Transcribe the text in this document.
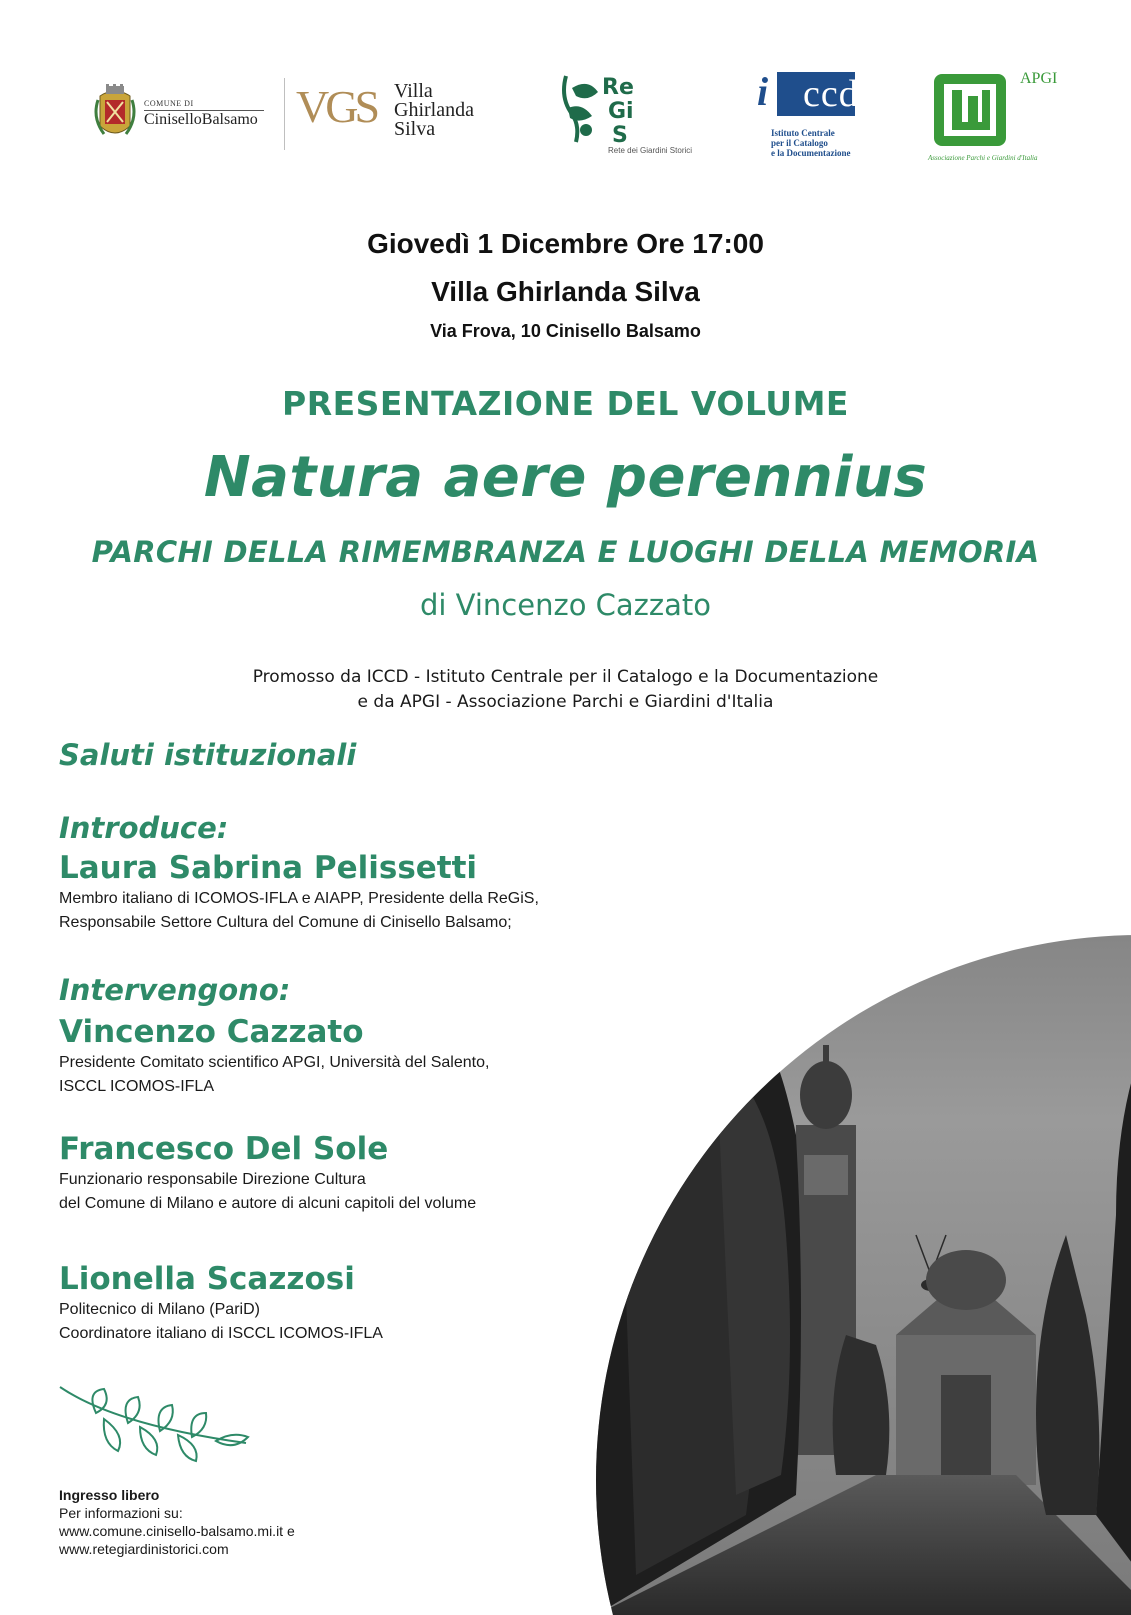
COMUNE DI
CiniselloBalsamo VGS Villa
Ghirlanda
Silva
Re
Gi
S
Rete dei Giardini Storici
i ccd
Istituto Centrale
per il Catalogo
e la Documentazione
APGI
Associazione Parchi e Giardini d'Italia
Giovedì 1 Dicembre Ore 17:00
Villa Ghirlanda Silva
Via Frova, 10 Cinisello Balsamo
PRESENTAZIONE DEL VOLUME
Natura aere perennius
PARCHI DELLA RIMEMBRANZA E LUOGHI DELLA MEMORIA
di Vincenzo Cazzato
Promosso da ICCD - Istituto Centrale per il Catalogo e la Documentazione
e da APGI - Associazione Parchi e Giardini d'Italia
Saluti istituzionali
Introduce:
Laura Sabrina Pelissetti
Membro italiano di ICOMOS-IFLA e AIAPP, Presidente della ReGiS,
Responsabile Settore Cultura del Comune di Cinisello Balsamo;
Intervengono:
Vincenzo Cazzato
Presidente Comitato scientifico APGI, Università del Salento,
ISCCL ICOMOS-IFLA
Francesco Del Sole
Funzionario responsabile Direzione Cultura
del Comune di Milano e autore di alcuni capitoli del volume
Lionella Scazzosi
Politecnico di Milano (PariD)
Coordinatore italiano di ISCCL ICOMOS-IFLA
Ingresso libero
Per informazioni su:
www.comune.cinisello-balsamo.mi.it e
www.retegiardinistorici.com
